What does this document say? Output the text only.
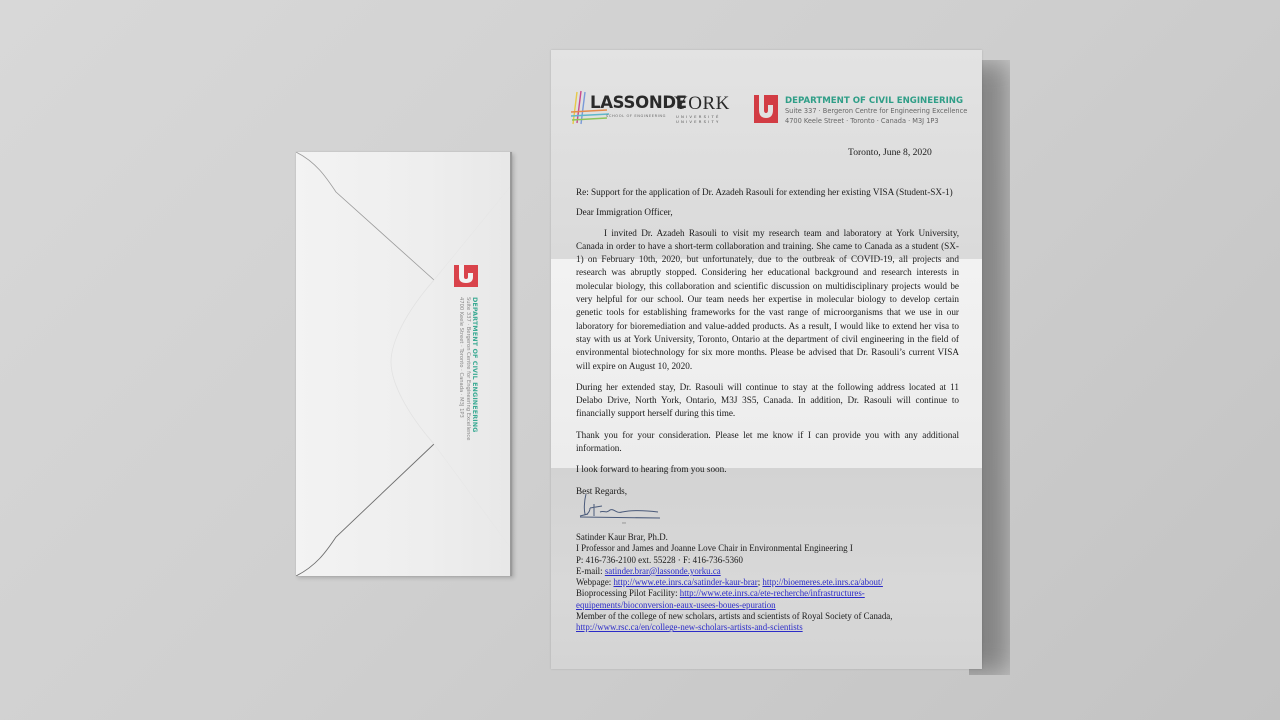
DEPARTMENT OF CIVIL ENGINEERING
Suite 337 · Bergeron Centre for Engineering Excellence
4700 Keele Street · Toronto · Canada · M3J 1P3
LASSONDE
SCHOOL OF ENGINEERING
YORK
UNIVERSITÉ
UNIVERSITY
DEPARTMENT OF CIVIL ENGINEERING
Suite 337 · Bergeron Centre for Engineering Excellence
4700 Keele Street · Toronto · Canada · M3J 1P3
Toronto, June 8, 2020

Re: Support for the application of Dr. Azadeh Rasouli for extending her existing VISA (Student-SX-1)

Dear Immigration Officer,

I invited Dr. Azadeh Rasouli to visit my research team and laboratory at York University, Canada in order to have a short-term collaboration and training. She came to Canada as a student (SX-1) on February 10th, 2020, but unfortunately, due to the outbreak of COVID-19, all projects and research was abruptly stopped. Considering her educational background and research interests in molecular biology, this collaboration and scientific discussion on multidisciplinary projects would be very helpful for our school. Our team needs her expertise in molecular biology to develop certain genetic tools for establishing frameworks for the vast range of microorganisms that we use in our laboratory for bioremediation and value-added products. As a result, I would like to extend her visa to stay with us at York University, Toronto, Ontario at the department of civil engineering in the field of environmental biotechnology for six more months. Please be advised that Dr. Rasouli’s current VISA will expire on August 10, 2020.

During her extended stay, Dr. Rasouli will continue to stay at the following address located at 11 Delabo Drive, North York, Ontario, M3J 3S5, Canada. In addition, Dr. Rasouli will continue to financially support herself during this time.

Thank you for your consideration. Please let me know if I can provide you with any additional information.

I look forward to hearing from you soon.

Best Regards,

Satinder Kaur Brar, Ph.D.
I Professor and James and Joanne Love Chair in Environmental Engineering I
P: 416-736-2100 ext. 55228 · F: 416-736-5360
E-mail: satinder.brar@lassonde.yorku.ca
Webpage: http://www.ete.inrs.ca/satinder-kaur-brar; http://bioemeres.ete.inrs.ca/about/
Bioprocessing Pilot Facility: http://www.ete.inrs.ca/ete-recherche/infrastructures-
equipements/bioconversion-eaux-usees-boues-epuration
Member of the college of new scholars, artists and scientists of Royal Society of Canada,
http://www.rsc.ca/en/college-new-scholars-artists-and-scientists
